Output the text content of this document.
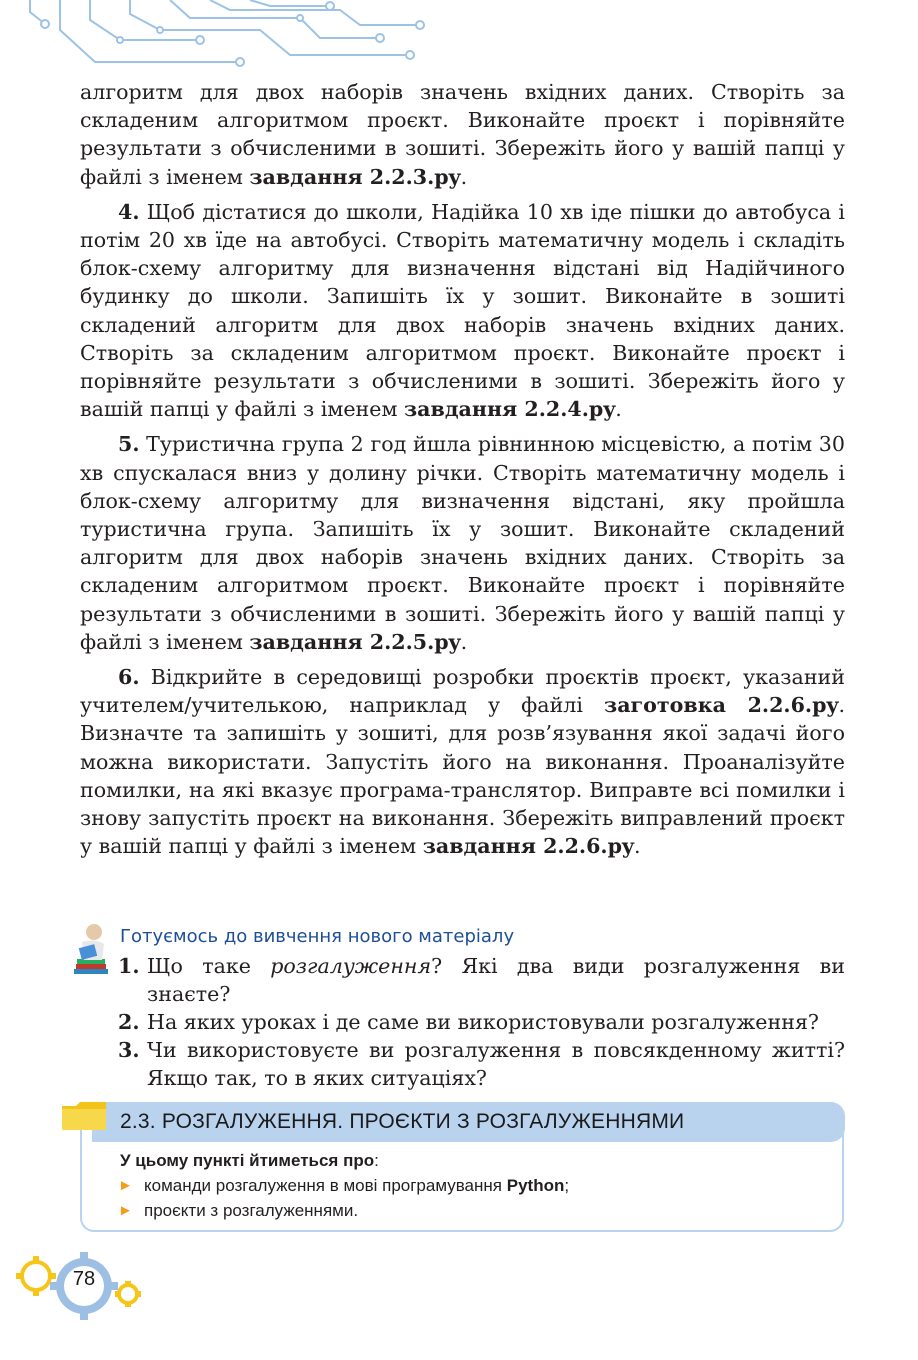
алгоритм для двох наборів значень вхідних даних. Створіть за складеним алгоритмом проєкт. Виконайте проєкт і порівняйте результати з обчисленими в зошиті. Збережіть його у вашій папці у файлі з іменем завдання 2.2.3.py.

4. Щоб дістатися до школи, Надійка 10 хв іде пішки до автобуса і потім 20 хв їде на автобусі. Створіть математичну модель і складіть блок-схему алгоритму для визначення відстані від Надійчиного будинку до школи. Запишіть їх у зошит. Виконайте в зошиті складений алгоритм для двох наборів значень вхідних даних. Створіть за складеним алгоритмом проєкт. Виконайте проєкт і порівняйте результати з обчисленими в зошиті. Збережіть його у вашій папці у файлі з іменем завдання 2.2.4.py.

5. Туристична група 2 год йшла рівнинною місцевістю, а потім 30 хв спускалася вниз у долину річки. Створіть математичну модель і блок-схему алгоритму для визначення відстані, яку пройшла туристична група. Запишіть їх у зошит. Виконайте складений алгоритм для двох наборів значень вхідних даних. Створіть за складеним алгоритмом проєкт. Виконайте проєкт і порівняйте результати з обчисленими в зошиті. Збережіть його у вашій папці у файлі з іменем завдання 2.2.5.py.

6. Відкрийте в середовищі розробки проєктів проєкт, указаний учителем/учителькою, наприклад у файлі заготовка 2.2.6.py. Визначте та запишіть у зошиті, для розв’язування якої задачі його можна використати. Запустіть його на виконання. Проаналізуйте помилки, на які вказує програма-транслятор. Виправте всі помилки і знову запустіть проєкт на виконання. Збережіть виправлений проєкт у вашій папці у файлі з іменем завдання 2.2.6.py.

Готуємось до вивчення нового матеріалу
1. Що таке розгалуження? Які два види розгалуження ви знаєте?
2. На яких уроках і де саме ви використовували розгалуження?
3. Чи використовуєте ви розгалуження в повсякденному житті? Якщо так, то в яких ситуаціях?
2.3. РОЗГАЛУЖЕННЯ. ПРОЄКТИ З РОЗГАЛУЖЕННЯМИ
У цьому пункті йтиметься про:
► команди розгалуження в мові програмування Python;
► проєкти з розгалуженнями.
78
